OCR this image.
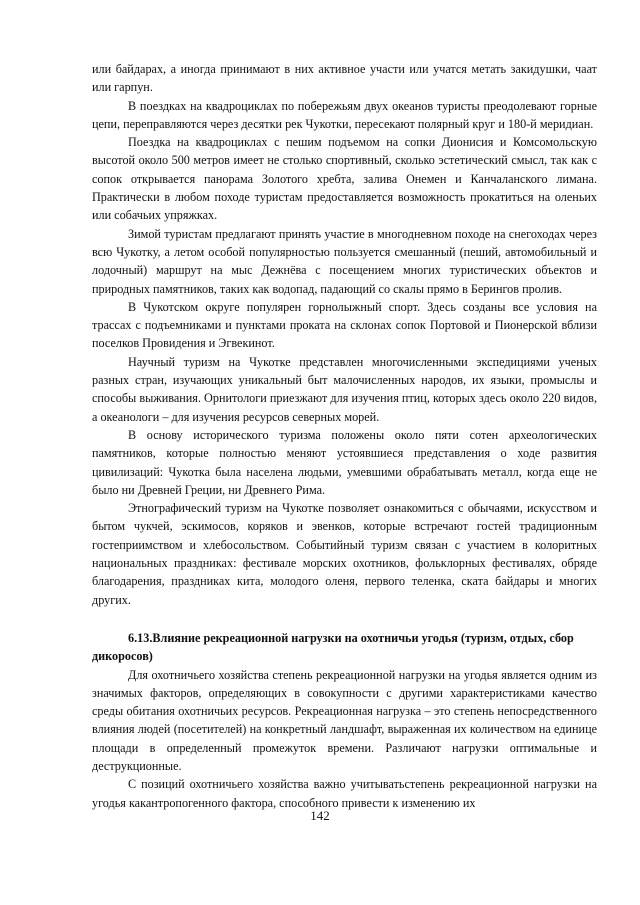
или байдарах, а иногда принимают в них активное участи или учатся метать закидушки, чаат или гарпун.

В поездках на квадроциклах по побережьям двух океанов туристы преодолевают горные цепи, переправляются через десятки рек Чукотки, пересекают полярный круг и 180-й меридиан.

Поездка на квадроциклах с пешим подъемом на сопки Дионисия и Комсомольскую высотой около 500 метров имеет не столько спортивный, сколько эстетический смысл, так как с сопок открывается панорама Золотого хребта, залива Онемен и Канчаланского лимана. Практически в любом походе туристам предоставляется возможность прокатиться на оленьих или собачьих упряжках.

Зимой туристам предлагают принять участие в многодневном походе на снегоходах через всю Чукотку, а летом особой популярностью пользуется смешанный (пеший, автомобильный и лодочный) маршрут на мыс Дежнёва с посещением многих туристических объектов и природных памятников, таких как водопад, падающий со скалы прямо в Берингов пролив.

В Чукотском округе популярен горнолыжный спорт. Здесь созданы все условия на трассах с подъемниками и пунктами проката на склонах сопок Портовой и Пионерской вблизи поселков Провидения и Эгвекинот.

Научный туризм на Чукотке представлен многочисленными экспедициями ученых разных стран, изучающих уникальный быт малочисленных народов, их языки, промыслы и способы выживания. Орнитологи приезжают для изучения птиц, которых здесь около 220 видов, а океанологи – для изучения ресурсов северных морей.

В основу исторического туризма положены около пяти сотен археологических памятников, которые полностью меняют устоявшиеся представления о ходе развития цивилизаций: Чукотка была населена людьми, умевшими обрабатывать металл, когда еще не было ни Древней Греции, ни Древнего Рима.

Этнографический туризм на Чукотке позволяет ознакомиться с обычаями, искусством и бытом чукчей, эскимосов, коряков и эвенков, которые встречают гостей традиционным гостеприимством и хлебосольством. Событийный туризм связан с участием в колоритных национальных праздниках: фестивале морских охотников, фольклорных фестивалях, обряде благодарения, праздниках кита, молодого оленя, первого теленка, ската байдары и многих других.

6.13.Влияние рекреационной нагрузки на охотничьи угодья (туризм, отдых, сбор дикоросов)

Для охотничьего хозяйства степень рекреационной нагрузки на угодья является одним из значимых факторов, определяющих в совокупности с другими характеристиками качество среды обитания охотничьих ресурсов. Рекреационная нагрузка – это степень непосредственного влияния людей (посетителей) на конкретный ландшафт, выраженная их количеством на единице площади в определенный промежуток времени. Различают нагрузки оптимальные и деструкционные.

С позиций охотничьего хозяйства важно учитыватьстепень рекреационной нагрузки на угодья какантропогенного фактора, способного привести к изменению их

142
